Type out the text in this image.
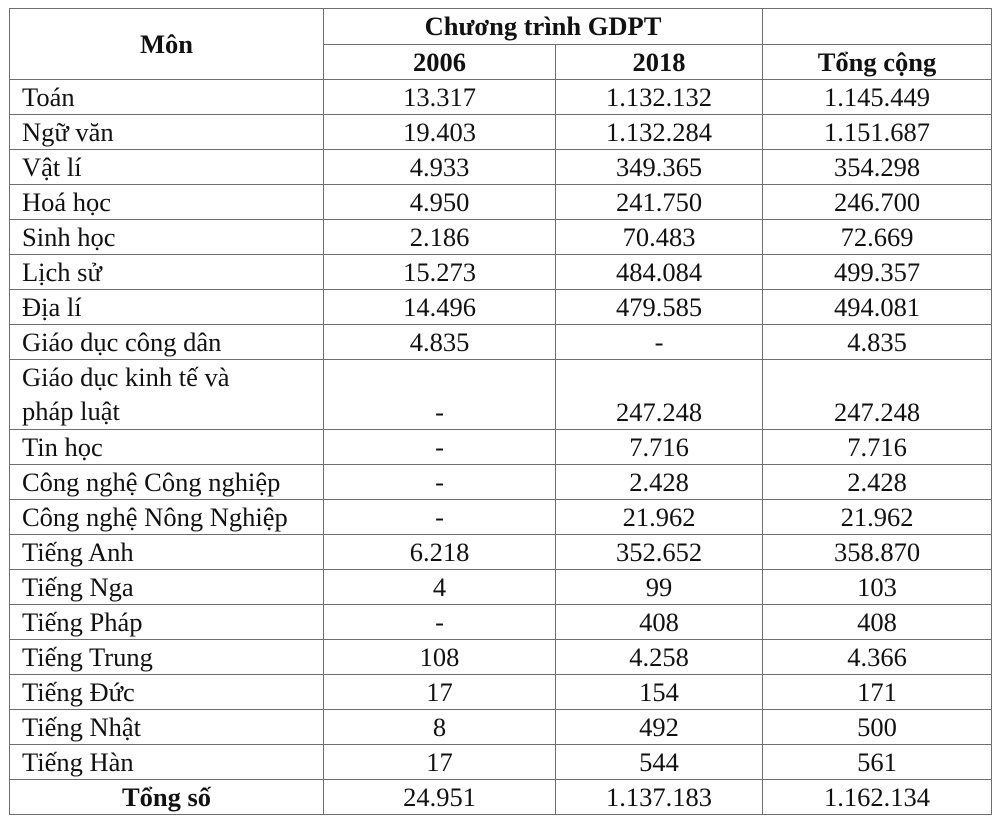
Môn	Chương trình GDPT		
	2006	2018	Tổng cộng
Toán	13.317	1.132.132	1.145.449
Ngữ văn	19.403	1.132.284	1.151.687
Vật lí	4.933	349.365	354.298
Hoá học	4.950	241.750	246.700
Sinh học	2.186	70.483	72.669
Lịch sử	15.273	484.084	499.357
Địa lí	14.496	479.585	494.081
Giáo dục công dân	4.835	-	4.835
Giáo dục kinh tế và
pháp luật	-	247.248	247.248
Tin học	-	7.716	7.716
Công nghệ Công nghiệp	-	2.428	2.428
Công nghệ Nông Nghiệp	-	21.962	21.962
Tiếng Anh	6.218	352.652	358.870
Tiếng Nga	4	99	103
Tiếng Pháp	-	408	408
Tiếng Trung	108	4.258	4.366
Tiếng Đức	17	154	171
Tiếng Nhật	8	492	500
Tiếng Hàn	17	544	561
Tổng số	24.951	1.137.183	1.162.134
